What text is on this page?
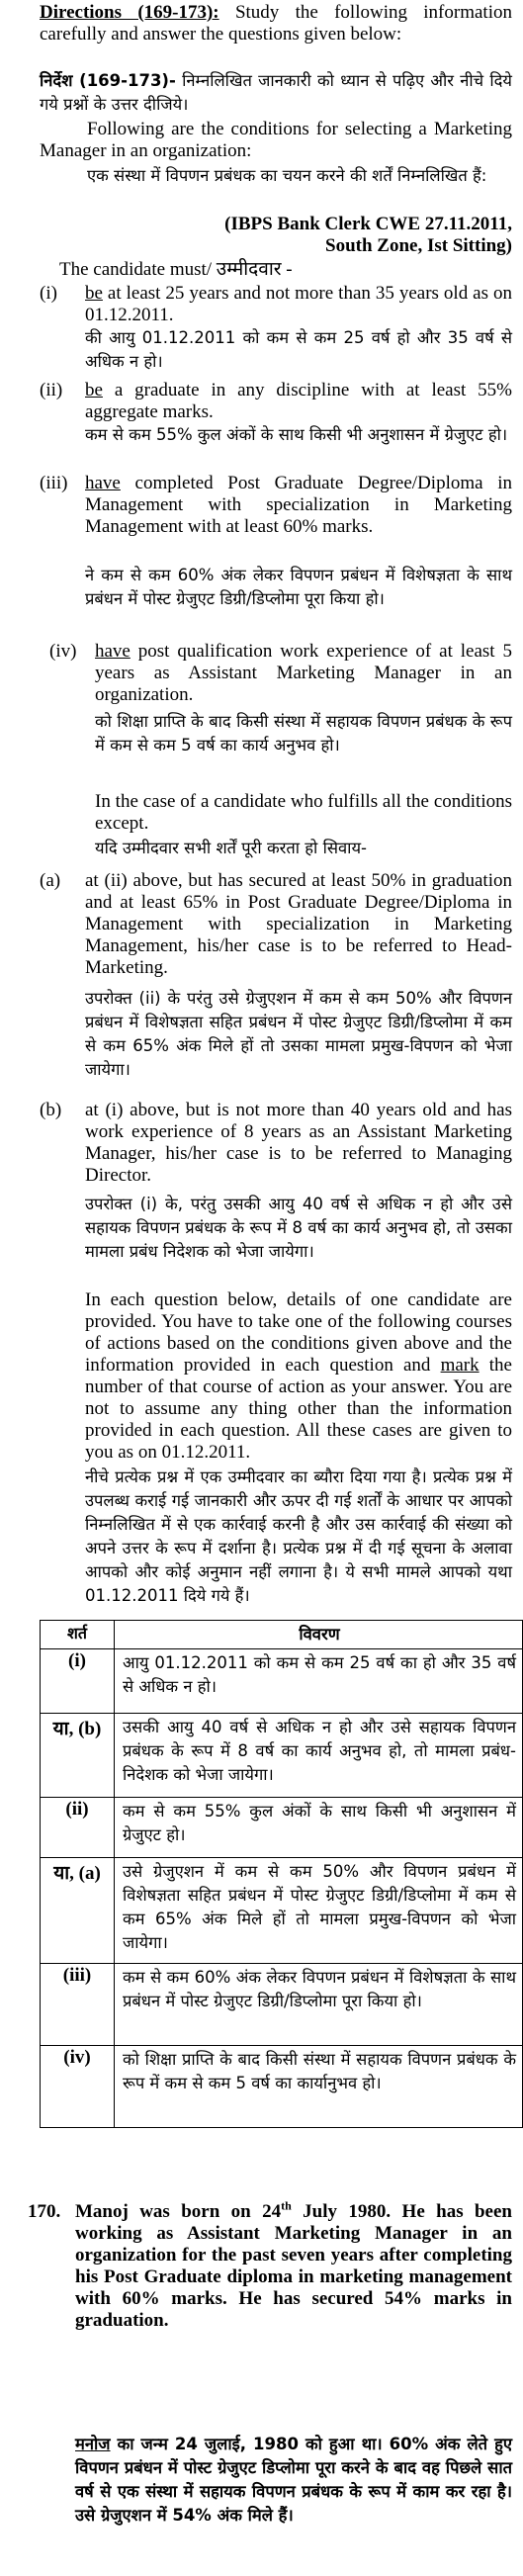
Directions (169-173): Study the following information carefully and answer the questions given below:
निर्देश (169-173)- निम्नलिखित जानकारी को ध्यान से पढ़िए और नीचे दिये गये प्रश्नों के उत्तर दीजिये।
Following are the conditions for selecting a Marketing Manager in an organization:
एक संस्था में विपणन प्रबंधक का चयन करने की शर्तें निम्नलिखित हैं:
(IBPS Bank Clerk CWE 27.11.2011,
South Zone, Ist Sitting)
The candidate must/ उम्मीदवार -
(i) be at least 25 years and not more than 35 years old as on 01.12.2011.
की आयु 01.12.2011 को कम से कम 25 वर्ष हो और 35 वर्ष से अधिक न हो।
(ii) be a graduate in any discipline with at least 55% aggregate marks.
कम से कम 55% कुल अंकों के साथ किसी भी अनुशासन में ग्रेजुएट हो।
(iii) have completed Post Graduate Degree/Diploma in Management with specialization in Marketing Management with at least 60% marks.
ने कम से कम 60% अंक लेकर विपणन प्रबंधन में विशेषज्ञता के साथ प्रबंधन में पोस्ट ग्रेजुएट डिग्री/डिप्लोमा पूरा किया हो।
(iv) have post qualification work experience of at least 5 years as Assistant Marketing Manager in an organization.
को शिक्षा प्राप्ति के बाद किसी संस्था में सहायक विपणन प्रबंधक के रूप में कम से कम 5 वर्ष का कार्य अनुभव हो।
In the case of a candidate who fulfills all the conditions except.
यदि उम्मीदवार सभी शर्तें पूरी करता हो सिवाय-
(a) at (ii) above, but has secured at least 50% in graduation and at least 65% in Post Graduate Degree/Diploma in Management with specialization in Marketing Management, his/her case is to be referred to Head-Marketing.
उपरोक्त (ii) के परंतु उसे ग्रेजुएशन में कम से कम 50% और विपणन प्रबंधन में विशेषज्ञता सहित प्रबंधन में पोस्ट ग्रेजुएट डिग्री/डिप्लोमा में कम से कम 65% अंक मिले हों तो उसका मामला प्रमुख-विपणन को भेजा जायेगा।
(b) at (i) above, but is not more than 40 years old and has work experience of 8 years as an Assistant Marketing Manager, his/her case is to be referred to Managing Director.
उपरोक्त (i) के, परंतु उसकी आयु 40 वर्ष से अधिक न हो और उसे सहायक विपणन प्रबंधक के रूप में 8 वर्ष का कार्य अनुभव हो, तो उसका मामला प्रबंध निदेशक को भेजा जायेगा।
In each question below, details of one candidate are provided. You have to take one of the following courses of actions based on the conditions given above and the information provided in each question and mark the number of that course of action as your answer. You are not to assume any thing other than the information provided in each question. All these cases are given to you as on 01.12.2011.
नीचे प्रत्येक प्रश्न में एक उम्मीदवार का ब्यौरा दिया गया है। प्रत्येक प्रश्न में उपलब्ध कराई गई जानकारी और ऊपर दी गई शर्तों के आधार पर आपको निम्नलिखित में से एक कार्रवाई करनी है और उस कार्रवाई की संख्या को अपने उत्तर के रूप में दर्शाना है। प्रत्येक प्रश्न में दी गई सूचना के अलावा आपको और कोई अनुमान नहीं लगाना है। ये सभी मामले आपको यथा 01.12.2011 दिये गये हैं।
शर्त	विवरण
(i)	आयु 01.12.2011 को कम से कम 25 वर्ष का हो और 35 वर्ष से अधिक न हो।
या, (b)	उसकी आयु 40 वर्ष से अधिक न हो और उसे सहायक विपणन प्रबंधक के रूप में 8 वर्ष का कार्य अनुभव हो, तो मामला प्रबंध-निदेशक को भेजा जायेगा।
(ii)	कम से कम 55% कुल अंकों के साथ किसी भी अनुशासन में ग्रेजुएट हो।
या, (a)	उसे ग्रेजुएशन में कम से कम 50% और विपणन प्रबंधन में विशेषज्ञता सहित प्रबंधन में पोस्ट ग्रेजुएट डिग्री/डिप्लोमा में कम से कम 65% अंक मिले हों तो मामला प्रमुख-विपणन को भेजा जायेगा।
(iii)	कम से कम 60% अंक लेकर विपणन प्रबंधन में विशेषज्ञता के साथ प्रबंधन में पोस्ट ग्रेजुएट डिग्री/डिप्लोमा पूरा किया हो।
(iv)	को शिक्षा प्राप्ति के बाद किसी संस्था में सहायक विपणन प्रबंधक के रूप में कम से कम 5 वर्ष का कार्यानुभव हो।
170. Manoj was born on 24th July 1980. He has been working as Assistant Marketing Manager in an organization for the past seven years after completing his Post Graduate diploma in marketing management with 60% marks. He has secured 54% marks in graduation.
मनोज का जन्म 24 जुलाई, 1980 को हुआ था। 60% अंक लेते हुए विपणन प्रबंधन में पोस्ट ग्रेजुएट डिप्लोमा पूरा करने के बाद वह पिछले सात वर्ष से एक संस्था में सहायक विपणन प्रबंधक के रूप में काम कर रहा है। उसे ग्रेजुएशन में 54% अंक मिले हैं।
